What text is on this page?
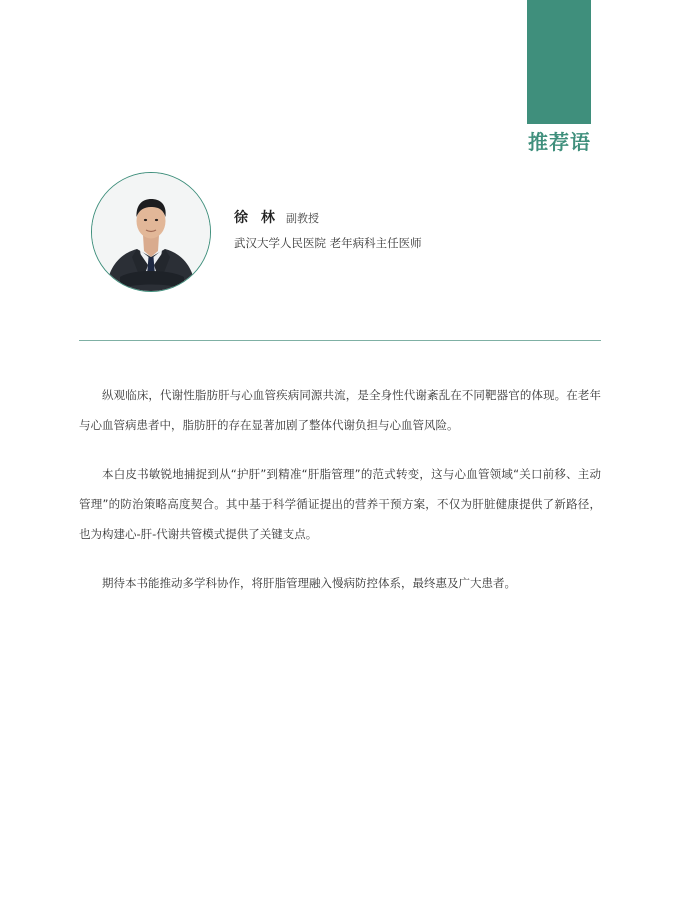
推荐语
徐 林 副教授
武汉大学人民医院 老年病科主任医师

纵观临床，代谢性脂肪肝与心血管疾病同源共流，是全身性代谢紊乱在不同靶器官的体现。在老年与心血管病患者中，脂肪肝的存在显著加剧了整体代谢负担与心血管风险。

本白皮书敏锐地捕捉到从“护肝”到精准“肝脂管理”的范式转变，这与心血管领域“关口前移、主动管理”的防治策略高度契合。其中基于科学循证提出的营养干预方案，不仅为肝脏健康提供了新路径，也为构建心-肝-代谢共管模式提供了关键支点。

期待本书能推动多学科协作，将肝脂管理融入慢病防控体系，最终惠及广大患者。
